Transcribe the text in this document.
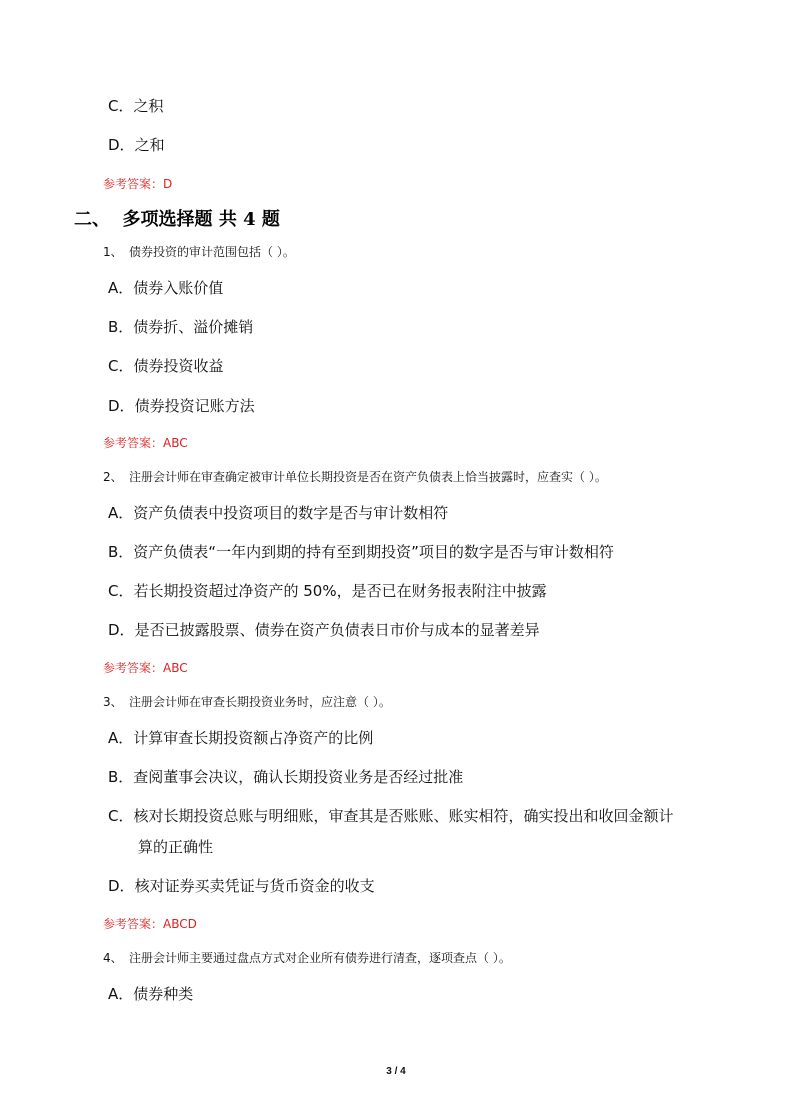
C．之积
D．之和
参考答案：D
二、 多项选择题 共 4 题
1、 债券投资的审计范围包括（ ）。
A．债券入账价值
B．债券折、溢价摊销
C．债券投资收益
D．债券投资记账方法
参考答案：ABC
2、 注册会计师在审查确定被审计单位长期投资是否在资产负债表上恰当披露时，应查实（ ）。
A．资产负债表中投资项目的数字是否与审计数相符
B．资产负债表“一年内到期的持有至到期投资”项目的数字是否与审计数相符
C．若长期投资超过净资产的 50%，是否已在财务报表附注中披露
D．是否已披露股票、债券在资产负债表日市价与成本的显著差异
参考答案：ABC
3、 注册会计师在审查长期投资业务时，应注意（ ）。
A．计算审查长期投资额占净资产的比例
B．查阅董事会决议，确认长期投资业务是否经过批准
C．核对长期投资总账与明细账，审查其是否账账、账实相符，确实投出和收回金额计
算的正确性
D．核对证券买卖凭证与货币资金的收支
参考答案：ABCD
4、 注册会计师主要通过盘点方式对企业所有债券进行清查，逐项查点（ ）。
A．债券种类
3 / 4
